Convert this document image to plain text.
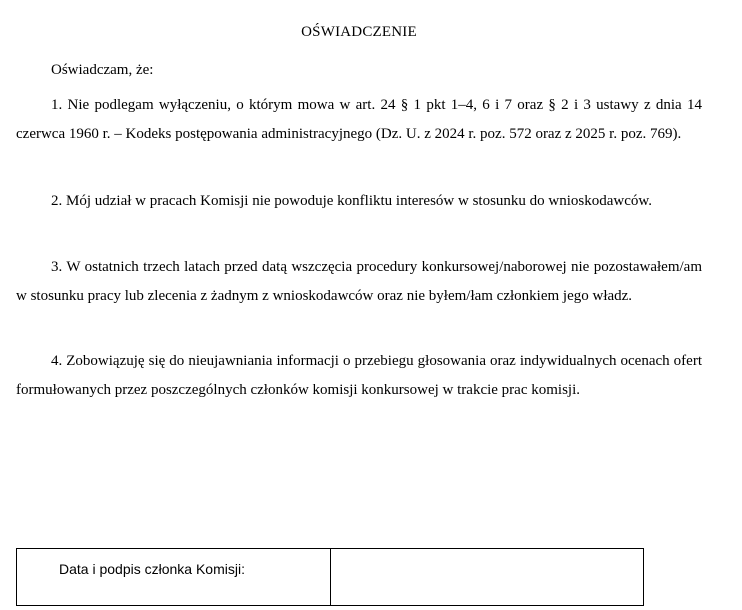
OŚWIADCZENIE
Oświadczam, że:

1. Nie podlegam wyłączeniu, o którym mowa w art. 24 § 1 pkt 1–4, 6 i 7 oraz § 2 i 3 ustawy z dnia 14 czerwca 1960 r. – Kodeks postępowania administracyjnego (Dz. U. z 2024 r. poz. 572 oraz z 2025 r. poz. 769).

2. Mój udział w pracach Komisji nie powoduje konfliktu interesów w stosunku do wnioskodawców.

3. W ostatnich trzech latach przed datą wszczęcia procedury konkursowej/naborowej nie pozostawałem/am w stosunku pracy lub zlecenia z żadnym z wnioskodawców oraz nie byłem/łam członkiem jego władz.

4. Zobowiązuję się do nieujawniania informacji o przebiegu głosowania oraz indywidualnych ocenach ofert formułowanych przez poszczególnych członków komisji konkursowej w trakcie prac komisji.

Data i podpis członka Komisji:
